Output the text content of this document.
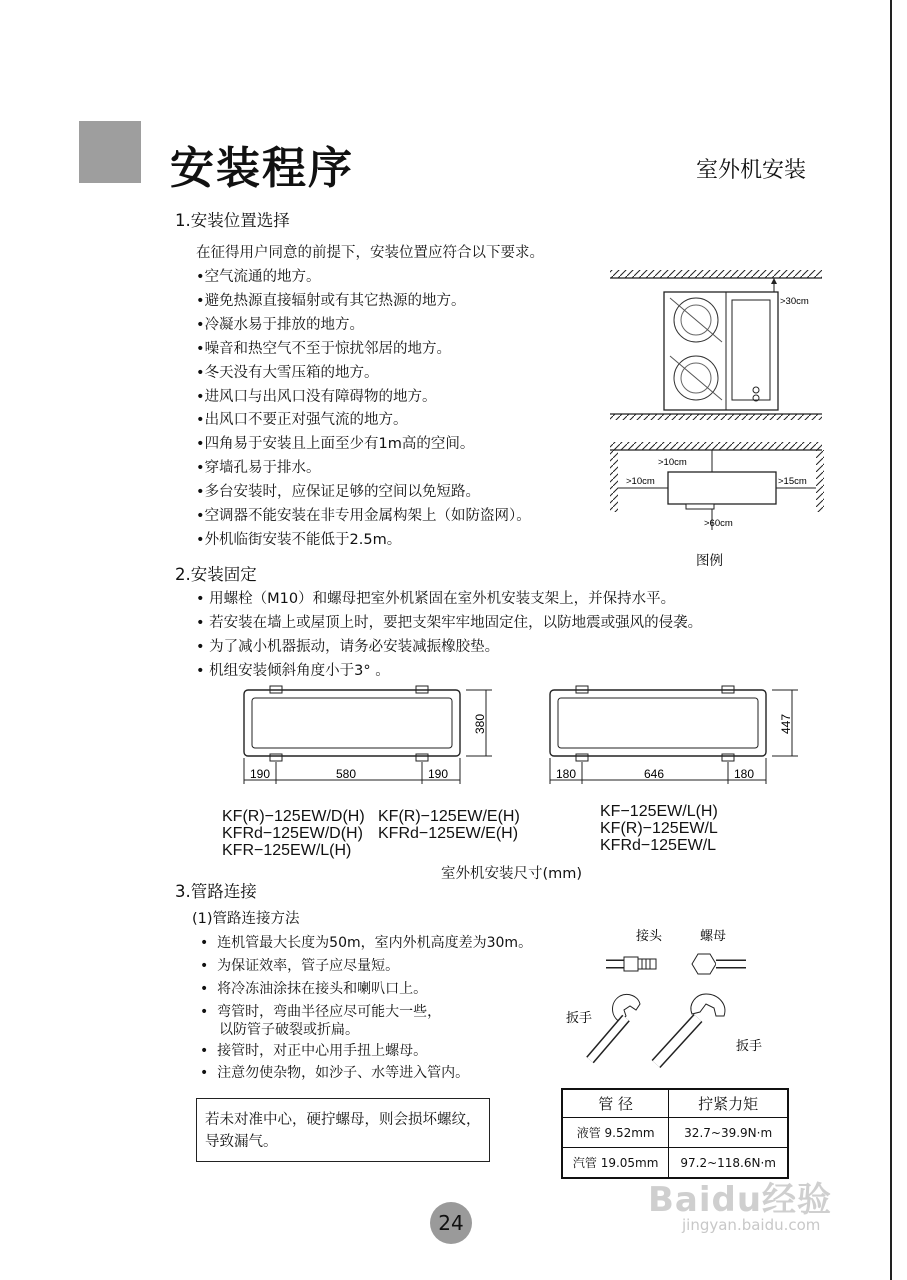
安装程序	室外机安装
1.安装位置选择
在征得用户同意的前提下，安装位置应符合以下要求。
•空气流通的地方。
•避免热源直接辐射或有其它热源的地方。
•冷凝水易于排放的地方。
•噪音和热空气不至于惊扰邻居的地方。
•冬天没有大雪压箱的地方。
•进风口与出风口没有障碍物的地方。
•出风口不要正对强气流的地方。
•四角易于安装且上面至少有1m高的空间。
•穿墙孔易于排水。
•多台安装时，应保证足够的空间以免短路。
•空调器不能安装在非专用金属构架上（如防盗网）。
•外机临街安装不能低于2.5m。
>30cm
>10cm
>10cm	>15cm
>60cm
图例
2.安装固定
• 用螺栓（M10）和螺母把室外机紧固在室外机安装支架上，并保持水平。
• 若安装在墙上或屋顶上时，要把支架牢牢地固定住，以防地震或强风的侵袭。
• 为了减小机器振动，请务必安装减振橡胶垫。
• 机组安装倾斜角度小于3° 。
190	580	190
380
180	646	180
447
KF(R)−125EW/D(H)
KFRd−125EW/D(H)
KFR−125EW/L(H)
KF(R)−125EW/E(H)
KFRd−125EW/E(H)
KF−125EW/L(H)
KF(R)−125EW/L
KFRd−125EW/L
室外机安装尺寸(mm)
3.管路连接
(1)管路连接方法
•  连机管最大长度为50m，室内外机高度差为30m。
•  为保证效率，管子应尽量短。
•  将冷冻油涂抹在接头和喇叭口上。
•  弯管时，弯曲半径应尽可能大一些，
以防管子破裂或折扁。
•  接管时，对正中心用手扭上螺母。
•  注意勿使杂物，如沙子、水等进入管内。
接头	螺母
扳手
扳手
若未对准中心，硬拧螺母，则会损坏螺纹，导致漏气。
管 径	拧紧力矩
液管 9.52mm	32.7~39.9N·m
汽管 19.05mm	97.2~118.6N·m
24
Baidu经验
jingyan.baidu.com
